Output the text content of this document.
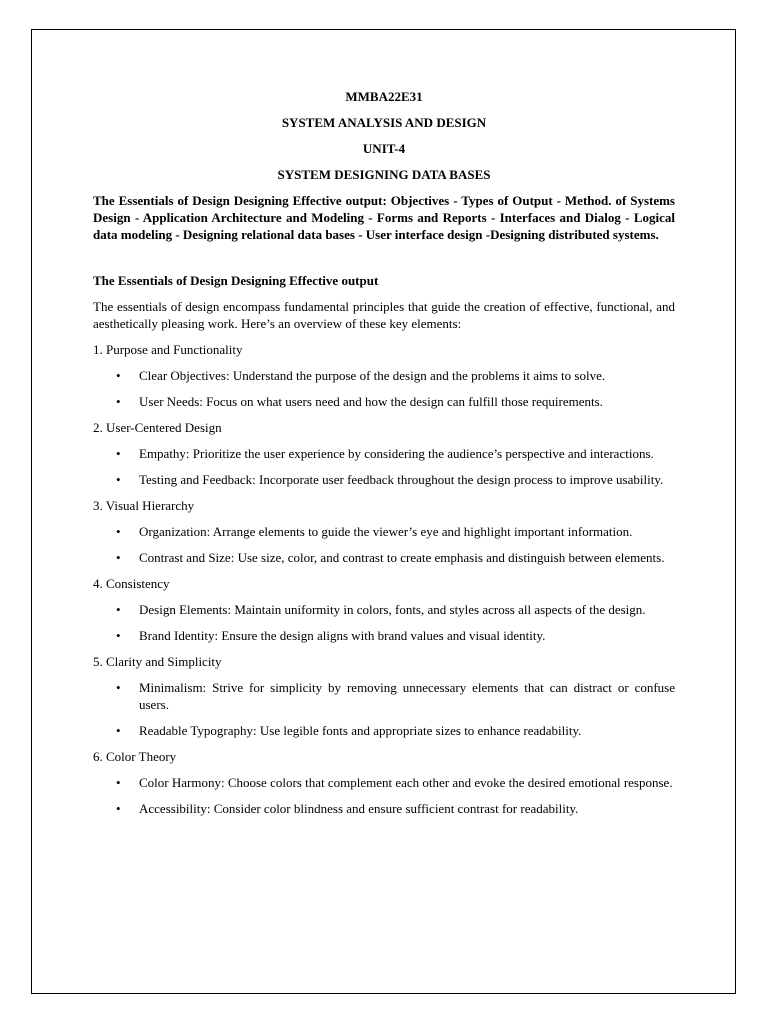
MMBA22E31
SYSTEM ANALYSIS AND DESIGN
UNIT-4
SYSTEM DESIGNING DATA BASES
The Essentials of Design Designing Effective output: Objectives - Types of Output - Method. of Systems Design - Application Architecture and Modeling - Forms and Reports - Interfaces and Dialog - Logical data modeling - Designing relational data bases - User interface design -Designing distributed systems.
The Essentials of Design Designing Effective output
The essentials of design encompass fundamental principles that guide the creation of effective, functional, and aesthetically pleasing work. Here’s an overview of these key elements:
1. Purpose and Functionality
• Clear Objectives: Understand the purpose of the design and the problems it aims to solve.
• User Needs: Focus on what users need and how the design can fulfill those requirements.
2. User-Centered Design
• Empathy: Prioritize the user experience by considering the audience’s perspective and interactions.
• Testing and Feedback: Incorporate user feedback throughout the design process to improve usability.
3. Visual Hierarchy
• Organization: Arrange elements to guide the viewer’s eye and highlight important information.
• Contrast and Size: Use size, color, and contrast to create emphasis and distinguish between elements.
4. Consistency
• Design Elements: Maintain uniformity in colors, fonts, and styles across all aspects of the design.
• Brand Identity: Ensure the design aligns with brand values and visual identity.
5. Clarity and Simplicity
• Minimalism: Strive for simplicity by removing unnecessary elements that can distract or confuse users.
• Readable Typography: Use legible fonts and appropriate sizes to enhance readability.
6. Color Theory
• Color Harmony: Choose colors that complement each other and evoke the desired emotional response.
• Accessibility: Consider color blindness and ensure sufficient contrast for readability.
